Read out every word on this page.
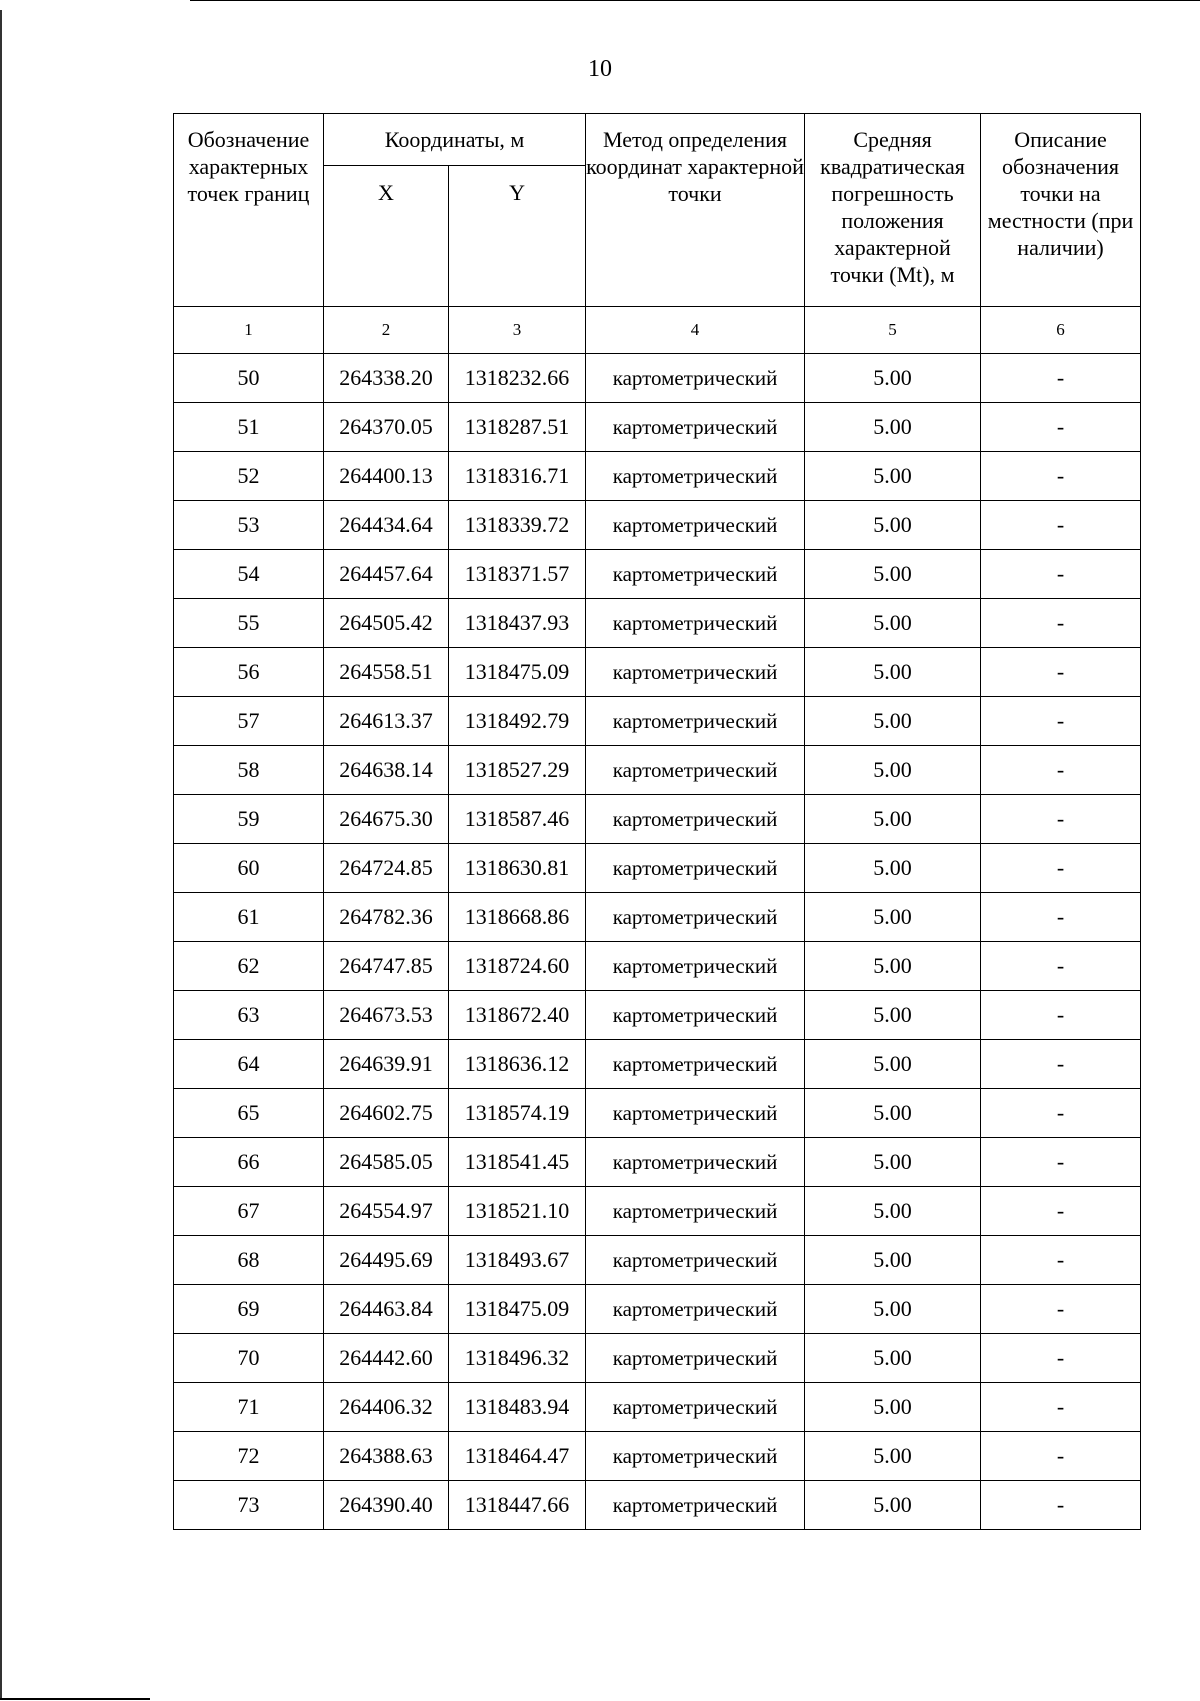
10
Обозначение характерных точек границ	Координаты, м		Метод определения координат характерной точки	Средняя квадратическая погрешность положения характерной точки (Mt), м	Описание обозначения точки на местности (при наличии)
	X	Y			
1	2	3	4	5	6
50	264338.20	1318232.66	картометрический	5.00	-
51	264370.05	1318287.51	картометрический	5.00	-
52	264400.13	1318316.71	картометрический	5.00	-
53	264434.64	1318339.72	картометрический	5.00	-
54	264457.64	1318371.57	картометрический	5.00	-
55	264505.42	1318437.93	картометрический	5.00	-
56	264558.51	1318475.09	картометрический	5.00	-
57	264613.37	1318492.79	картометрический	5.00	-
58	264638.14	1318527.29	картометрический	5.00	-
59	264675.30	1318587.46	картометрический	5.00	-
60	264724.85	1318630.81	картометрический	5.00	-
61	264782.36	1318668.86	картометрический	5.00	-
62	264747.85	1318724.60	картометрический	5.00	-
63	264673.53	1318672.40	картометрический	5.00	-
64	264639.91	1318636.12	картометрический	5.00	-
65	264602.75	1318574.19	картометрический	5.00	-
66	264585.05	1318541.45	картометрический	5.00	-
67	264554.97	1318521.10	картометрический	5.00	-
68	264495.69	1318493.67	картометрический	5.00	-
69	264463.84	1318475.09	картометрический	5.00	-
70	264442.60	1318496.32	картометрический	5.00	-
71	264406.32	1318483.94	картометрический	5.00	-
72	264388.63	1318464.47	картометрический	5.00	-
73	264390.40	1318447.66	картометрический	5.00	-
